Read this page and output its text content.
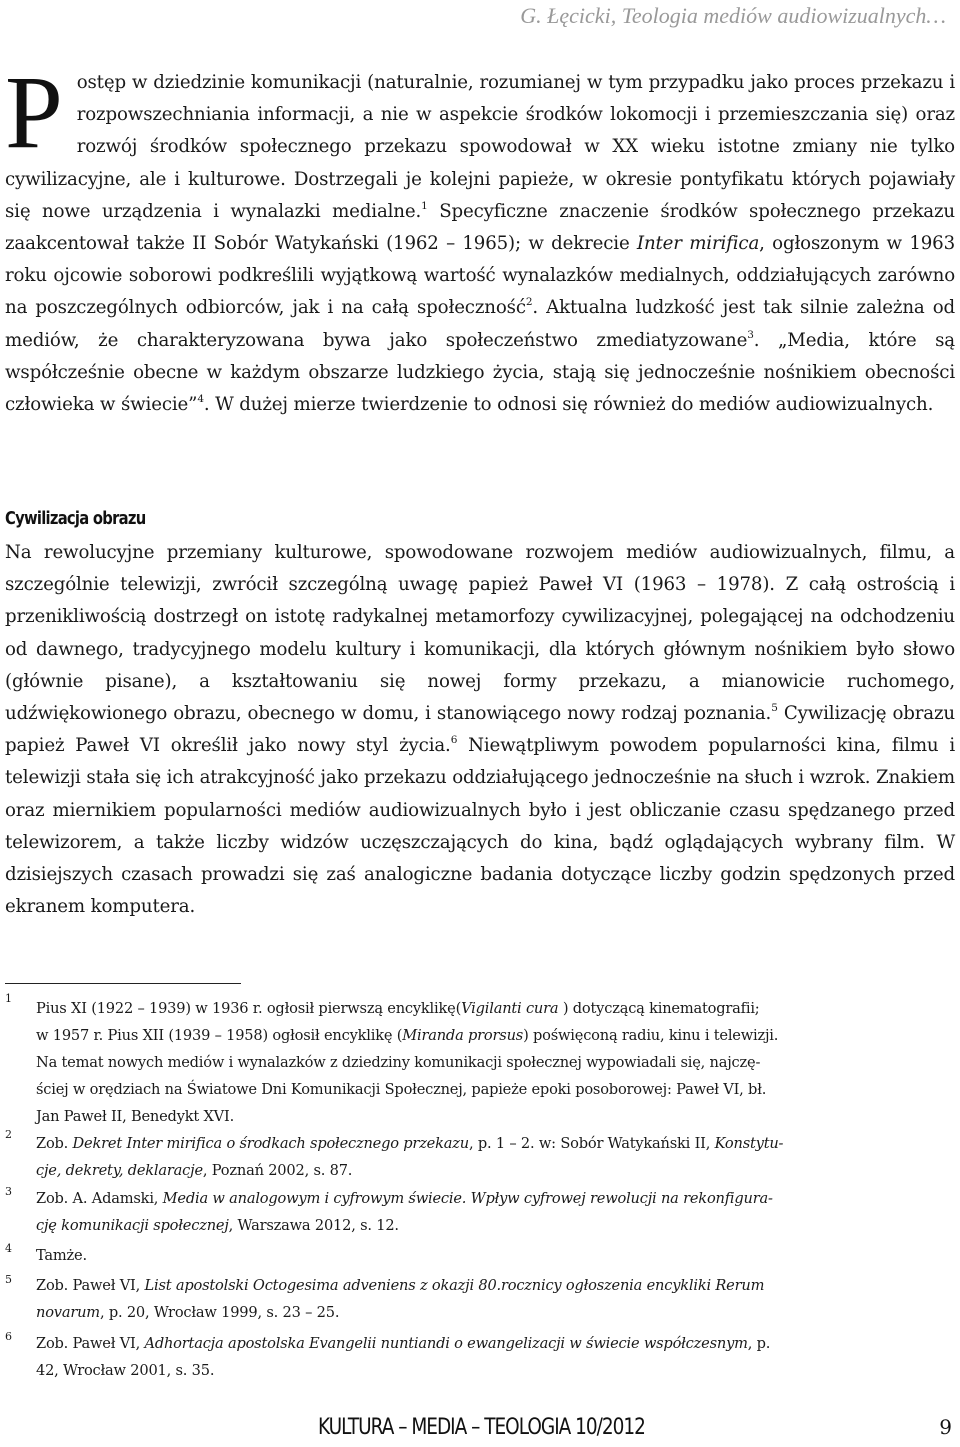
G. Łęcicki, Teologia mediów audiowizualnych…

Postęp w dziedzinie komunikacji (naturalnie, rozumianej w tym przypadku jako proces przekazu i rozpowszechniania informacji, a nie w aspekcie środków lokomocji i przemieszczania się) oraz rozwój środków społecznego przekazu spowodował w XX wieku istotne zmiany nie tylko cywilizacyjne, ale i kulturowe. Dostrzegali je kolejni papieże, w okresie pontyfikatu których pojawiały się nowe urządzenia i wynalazki medialne.$^1$ Specyficzne znaczenie środków społecznego przekazu zaakcentował także II Sobór Watykański (1962 – 1965); w dekrecie Inter mirifica, ogłoszonym w 1963 roku ojcowie soborowi podkreślili wyjątkową wartość wynalazków medialnych, oddziałujących zarówno na poszczególnych odbiorców, jak i na całą społeczność$^2$. Aktualna ludzkość jest tak silnie zależna od mediów, że charakteryzowana bywa jako społeczeństwo zmediatyzowane$^3$. „Media, które są współcześnie obecne w każdym obszarze ludzkiego życia, stają się jednocześnie nośnikiem obecności człowieka w świecie”$^4$. W dużej mierze twierdzenie to odnosi się również do mediów audiowizualnych.

Cywilizacja obrazu

Na rewolucyjne przemiany kulturowe, spowodowane rozwojem mediów audiowizualnych, filmu, a szczególnie telewizji, zwrócił szczególną uwagę papież Paweł VI (1963 – 1978). Z całą ostrością i przenikliwością dostrzegł on istotę radykalnej metamorfozy cywilizacyjnej, polegającej na odchodzeniu od dawnego, tradycyjnego modelu kultury i komunikacji, dla których głównym nośnikiem było słowo (głównie pisane), a kształtowaniu się nowej formy przekazu, a mianowicie ruchomego, udźwiękowionego obrazu, obecnego w domu, i stanowiącego nowy rodzaj poznania.$^5$ Cywilizację obrazu papież Paweł VI określił jako nowy styl życia.$^6$ Niewątpliwym powodem popularności kina, filmu i telewizji stała się ich atrakcyjność jako przekazu oddziałującego jednocześnie na słuch i wzrok. Znakiem oraz miernikiem popularności mediów audiowizualnych było i jest obliczanie czasu spędzanego przed telewizorem, a także liczby widzów uczęszczających do kina, bądź oglądających wybrany film. W dzisiejszych czasach prowadzi się zaś analogiczne badania dotyczące liczby godzin spędzonych przed ekranem komputera.

1

Pius XI (1922 – 1939) w 1936 r. ogłosił pierwszą encyklikę(Vigilanti cura ) dotyczącą kinematografii;
w 1957 r. Pius XII (1939 – 1958) ogłosił encyklikę (Miranda prorsus) poświęconą radiu, kinu i telewizji.
Na temat nowych mediów i wynalazków z dziedziny komunikacji społecznej wypowiadali się, najczę-
ściej w orędziach na Światowe Dni Komunikacji Społecznej, papieże epoki posoborowej: Paweł VI, bł.
Jan Paweł II, Benedykt XVI.

2

Zob. Dekret Inter mirifica o środkach społecznego przekazu, p. 1 – 2. w: Sobór Watykański II, Konstytu-
cje, dekrety, deklaracje, Poznań 2002, s. 87.

3 Zob. A. Adamski, Media w analogowym i cyfrowym świecie. Wpływ cyfrowej rewolucji na rekonfigura-
cję komunikacji społecznej, Warszawa 2012, s. 12.

4 Tamże.

5 Zob. Paweł VI, List apostolski Octogesima adveniens z okazji 80.rocznicy ogłoszenia encykliki Rerum
novarum, p. 20, Wrocław 1999, s. 23 – 25.

6 Zob. Paweł VI, Adhortacja apostolska Evangelii nuntiandi o ewangelizacji w świecie współczesnym, p.
42, Wrocław 2001, s. 35.

KULTURA – MEDIA – TEOLOGIA 10/2012	9
